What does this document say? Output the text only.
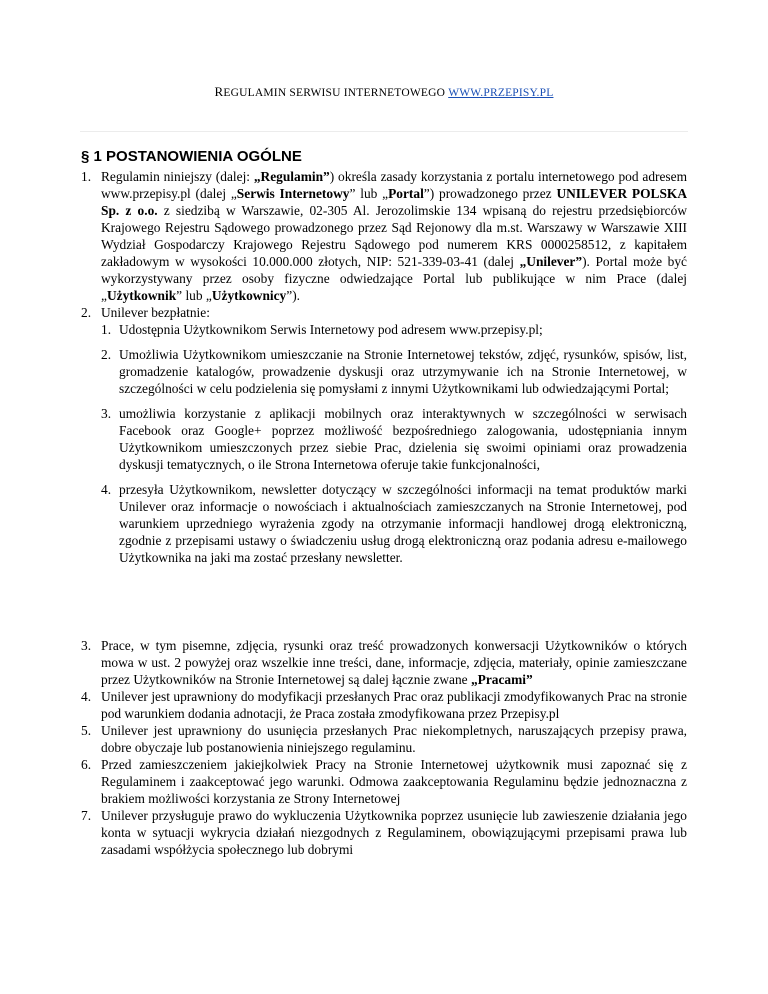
REGULAMIN SERWISU INTERNETOWEGO WWW.PRZEPISY.PL
§ 1 POSTANOWIENIA OGÓLNE
1. Regulamin niniejszy (dalej: „Regulamin”) określa zasady korzystania z portalu internetowego pod adresem www.przepisy.pl (dalej „Serwis Internetowy” lub „Portal”) prowadzonego przez UNILEVER POLSKA Sp. z o.o. z siedzibą w Warszawie, 02-305 Al. Jerozolimskie 134 wpisaną do rejestru przedsiębiorców Krajowego Rejestru Sądowego prowadzonego przez Sąd Rejonowy dla m.st. Warszawy w Warszawie XIII Wydział Gospodarczy Krajowego Rejestru Sądowego pod numerem KRS 0000258512, z kapitałem zakładowym w wysokości 10.000.000 złotych, NIP: 521-339-03-41 (dalej „Unilever”). Portal może być wykorzystywany przez osoby fizyczne odwiedzające Portal lub publikujące w nim Prace (dalej „Użytkownik” lub „Użytkownicy”).
2. Unilever bezpłatnie:
1. Udostępnia Użytkownikom Serwis Internetowy pod adresem www.przepisy.pl;
2. Umożliwia Użytkownikom umieszczanie na Stronie Internetowej tekstów, zdjęć, rysunków, spisów, list, gromadzenie katalogów, prowadzenie dyskusji oraz utrzymywanie ich na Stronie Internetowej, w szczególności w celu podzielenia się pomysłami z innymi Użytkownikami lub odwiedzającymi Portal;
3. umożliwia korzystanie z aplikacji mobilnych oraz interaktywnych w szczególności w serwisach Facebook oraz Google+ poprzez możliwość bezpośredniego zalogowania, udostępniania innym Użytkownikom umieszczonych przez siebie Prac, dzielenia się swoimi opiniami oraz prowadzenia dyskusji tematycznych, o ile Strona Internetowa oferuje takie funkcjonalności,
4. przesyła Użytkownikom, newsletter dotyczący w szczególności informacji na temat produktów marki Unilever oraz informacje o nowościach i aktualnościach zamieszczanych na Stronie Internetowej, pod warunkiem uprzedniego wyrażenia zgody na otrzymanie informacji handlowej drogą elektroniczną, zgodnie z przepisami ustawy o świadczeniu usług drogą elektroniczną oraz podania adresu e-mailowego Użytkownika na jaki ma zostać przesłany newsletter.
3. Prace, w tym pisemne, zdjęcia, rysunki oraz treść prowadzonych konwersacji Użytkowników o których mowa w ust. 2 powyżej oraz wszelkie inne treści, dane, informacje, zdjęcia, materiały, opinie zamieszczane przez Użytkowników na Stronie Internetowej są dalej łącznie zwane „Pracami”
4. Unilever jest uprawniony do modyfikacji przesłanych Prac oraz publikacji zmodyfikowanych Prac na stronie pod warunkiem dodania adnotacji, że Praca została zmodyfikowana przez Przepisy.pl
5. Unilever jest uprawniony do usunięcia przesłanych Prac niekompletnych, naruszających przepisy prawa, dobre obyczaje lub postanowienia niniejszego regulaminu.
6. Przed zamieszczeniem jakiejkolwiek Pracy na Stronie Internetowej użytkownik musi zapoznać się z Regulaminem i zaakceptować jego warunki. Odmowa zaakceptowania Regulaminu będzie jednoznaczna z brakiem możliwości korzystania ze Strony Internetowej
7. Unilever przysługuje prawo do wykluczenia Użytkownika poprzez usunięcie lub zawieszenie działania jego konta w sytuacji wykrycia działań niezgodnych z Regulaminem, obowiązującymi przepisami prawa lub zasadami współżycia społecznego lub dobrymi
